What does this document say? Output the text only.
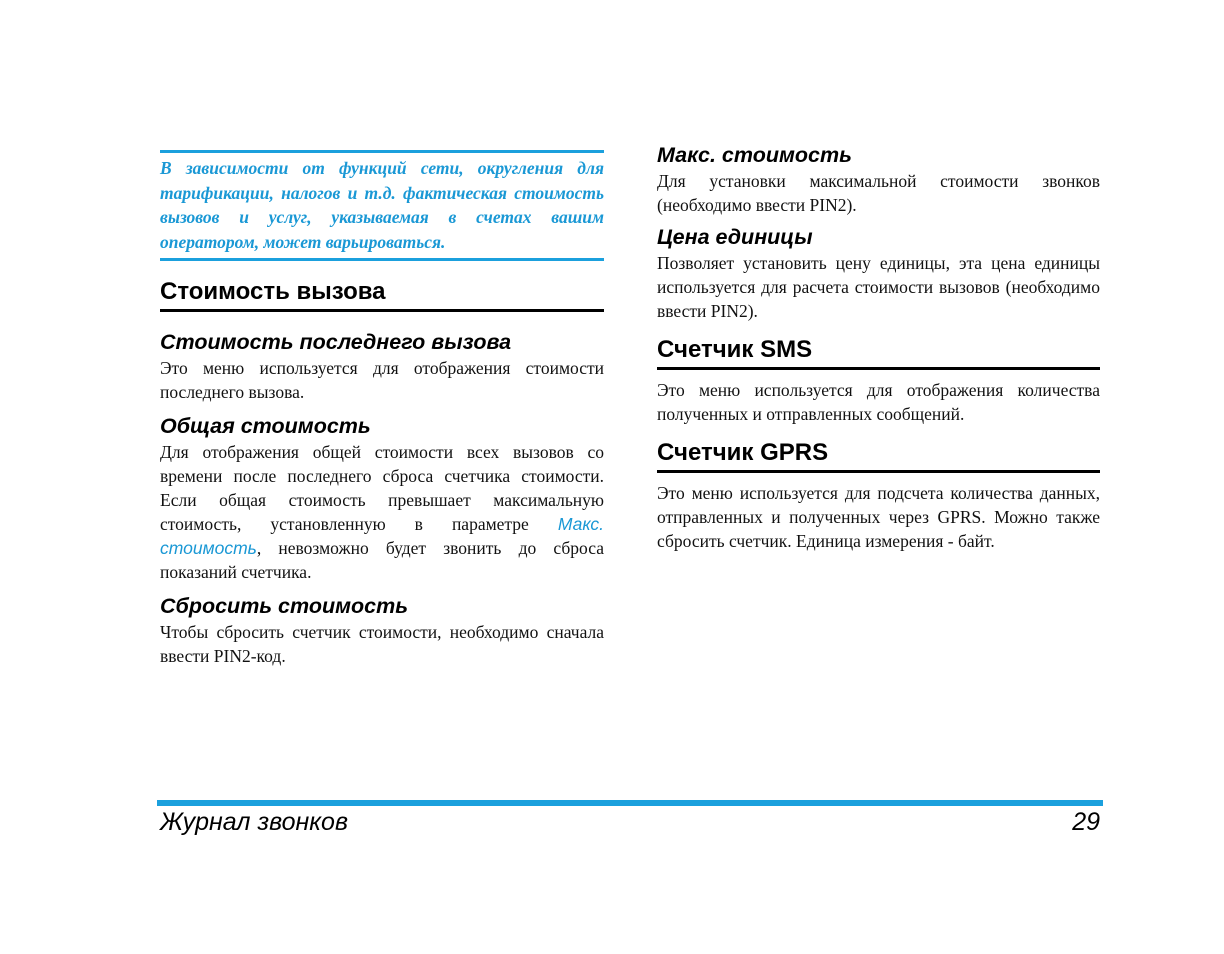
В зависимости от функций сети, округления для тарификации, налогов и т.д. фактическая стоимость вызовов и услуг, указываемая в счетах вашим оператором, может варьироваться.
Стоимость вызова
Стоимость последнего вызова

Это меню используется для отображения стоимости последнего вызова.

Общая стоимость

Для отображения общей стоимости всех вызовов со времени после последнего сброса счетчика стоимости. Если общая стоимость превышает максимальную стоимость, установленную в параметре Макс. стоимость, невозможно будет звонить до сброса показаний счетчика.

Сбросить стоимость

Чтобы сбросить счетчик стоимости, необходимо сначала ввести PIN2-код.

Макс. стоимость

Для установки максимальной стоимости звонков (необходимо ввести PIN2).

Цена единицы

Позволяет установить цену единицы, эта цена единицы используется для расчета стоимости вызовов (необходимо ввести PIN2).

Счетчик SMS

Это меню используется для отображения количества полученных и отправленных сообщений.

Счетчик GPRS

Это меню используется для подсчета количества данных, отправленных и полученных через GPRS. Можно также сбросить счетчик. Единица измерения - байт.

Журнал звонков	29
